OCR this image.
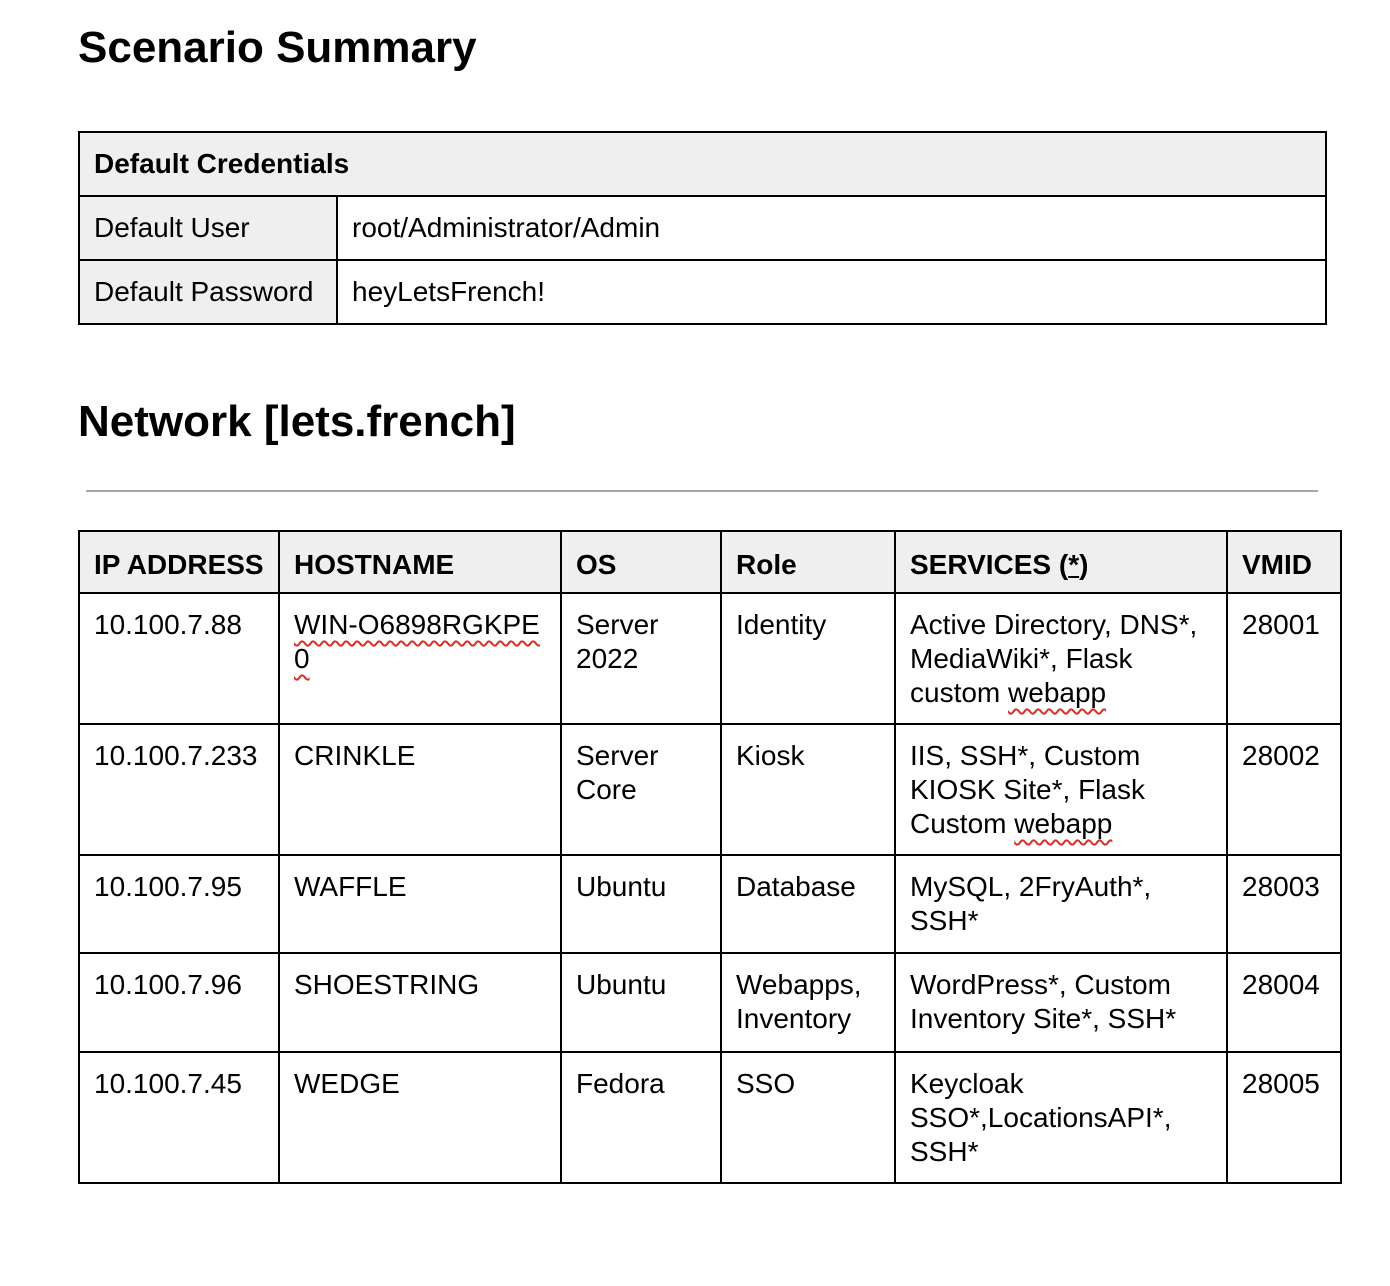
Scenario Summary
Default Credentials	
Default User	root/Administrator/Admin
Default Password	heyLetsFrench!
Network [lets.french]
IP ADDRESS	HOSTNAME	OS	Role	SERVICES (*)	VMID
10.100.7.88	WIN-O6898RGKPE0	Server 2022	Identity	Active Directory, DNS*, MediaWiki*, Flask custom webapp	28001
10.100.7.233	CRINKLE	Server Core	Kiosk	IIS, SSH*, Custom KIOSK Site*, Flask Custom webapp	28002
10.100.7.95	WAFFLE	Ubuntu	Database	MySQL, 2FryAuth*, SSH*	28003
10.100.7.96	SHOESTRING	Ubuntu	Webapps, Inventory	WordPress*, Custom Inventory Site*, SSH*	28004
10.100.7.45	WEDGE	Fedora	SSO	Keycloak SSO*,LocationsAPI*, SSH*	28005
